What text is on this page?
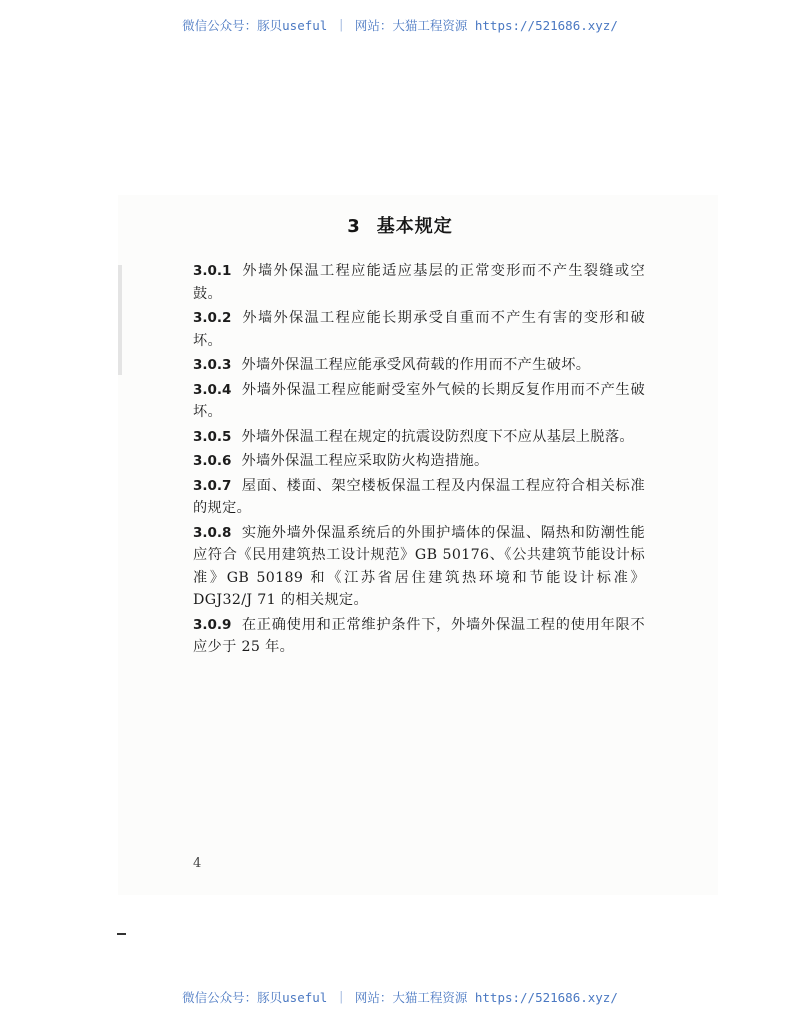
微信公众号：豚贝useful ｜ 网站：大猫工程资源 https://521686.xyz/
3 基本规定

3.0.1 外墙外保温工程应能适应基层的正常变形而不产生裂缝或空鼓。

3.0.2 外墙外保温工程应能长期承受自重而不产生有害的变形和破坏。

3.0.3 外墙外保温工程应能承受风荷载的作用而不产生破坏。

3.0.4 外墙外保温工程应能耐受室外气候的长期反复作用而不产生破坏。

3.0.5 外墙外保温工程在规定的抗震设防烈度下不应从基层上脱落。

3.0.6 外墙外保温工程应采取防火构造措施。

3.0.7 屋面、楼面、架空楼板保温工程及内保温工程应符合相关标准的规定。

3.0.8 实施外墙外保温系统后的外围护墙体的保温、隔热和防潮性能应符合《民用建筑热工设计规范》GB 50176、《公共建筑节能设计标准》GB 50189 和《江苏省居住建筑热环境和节能设计标准》DGJ32/J 71 的相关规定。

3.0.9 在正确使用和正常维护条件下，外墙外保温工程的使用年限不应少于 25 年。

4
微信公众号：豚贝useful ｜ 网站：大猫工程资源 https://521686.xyz/
